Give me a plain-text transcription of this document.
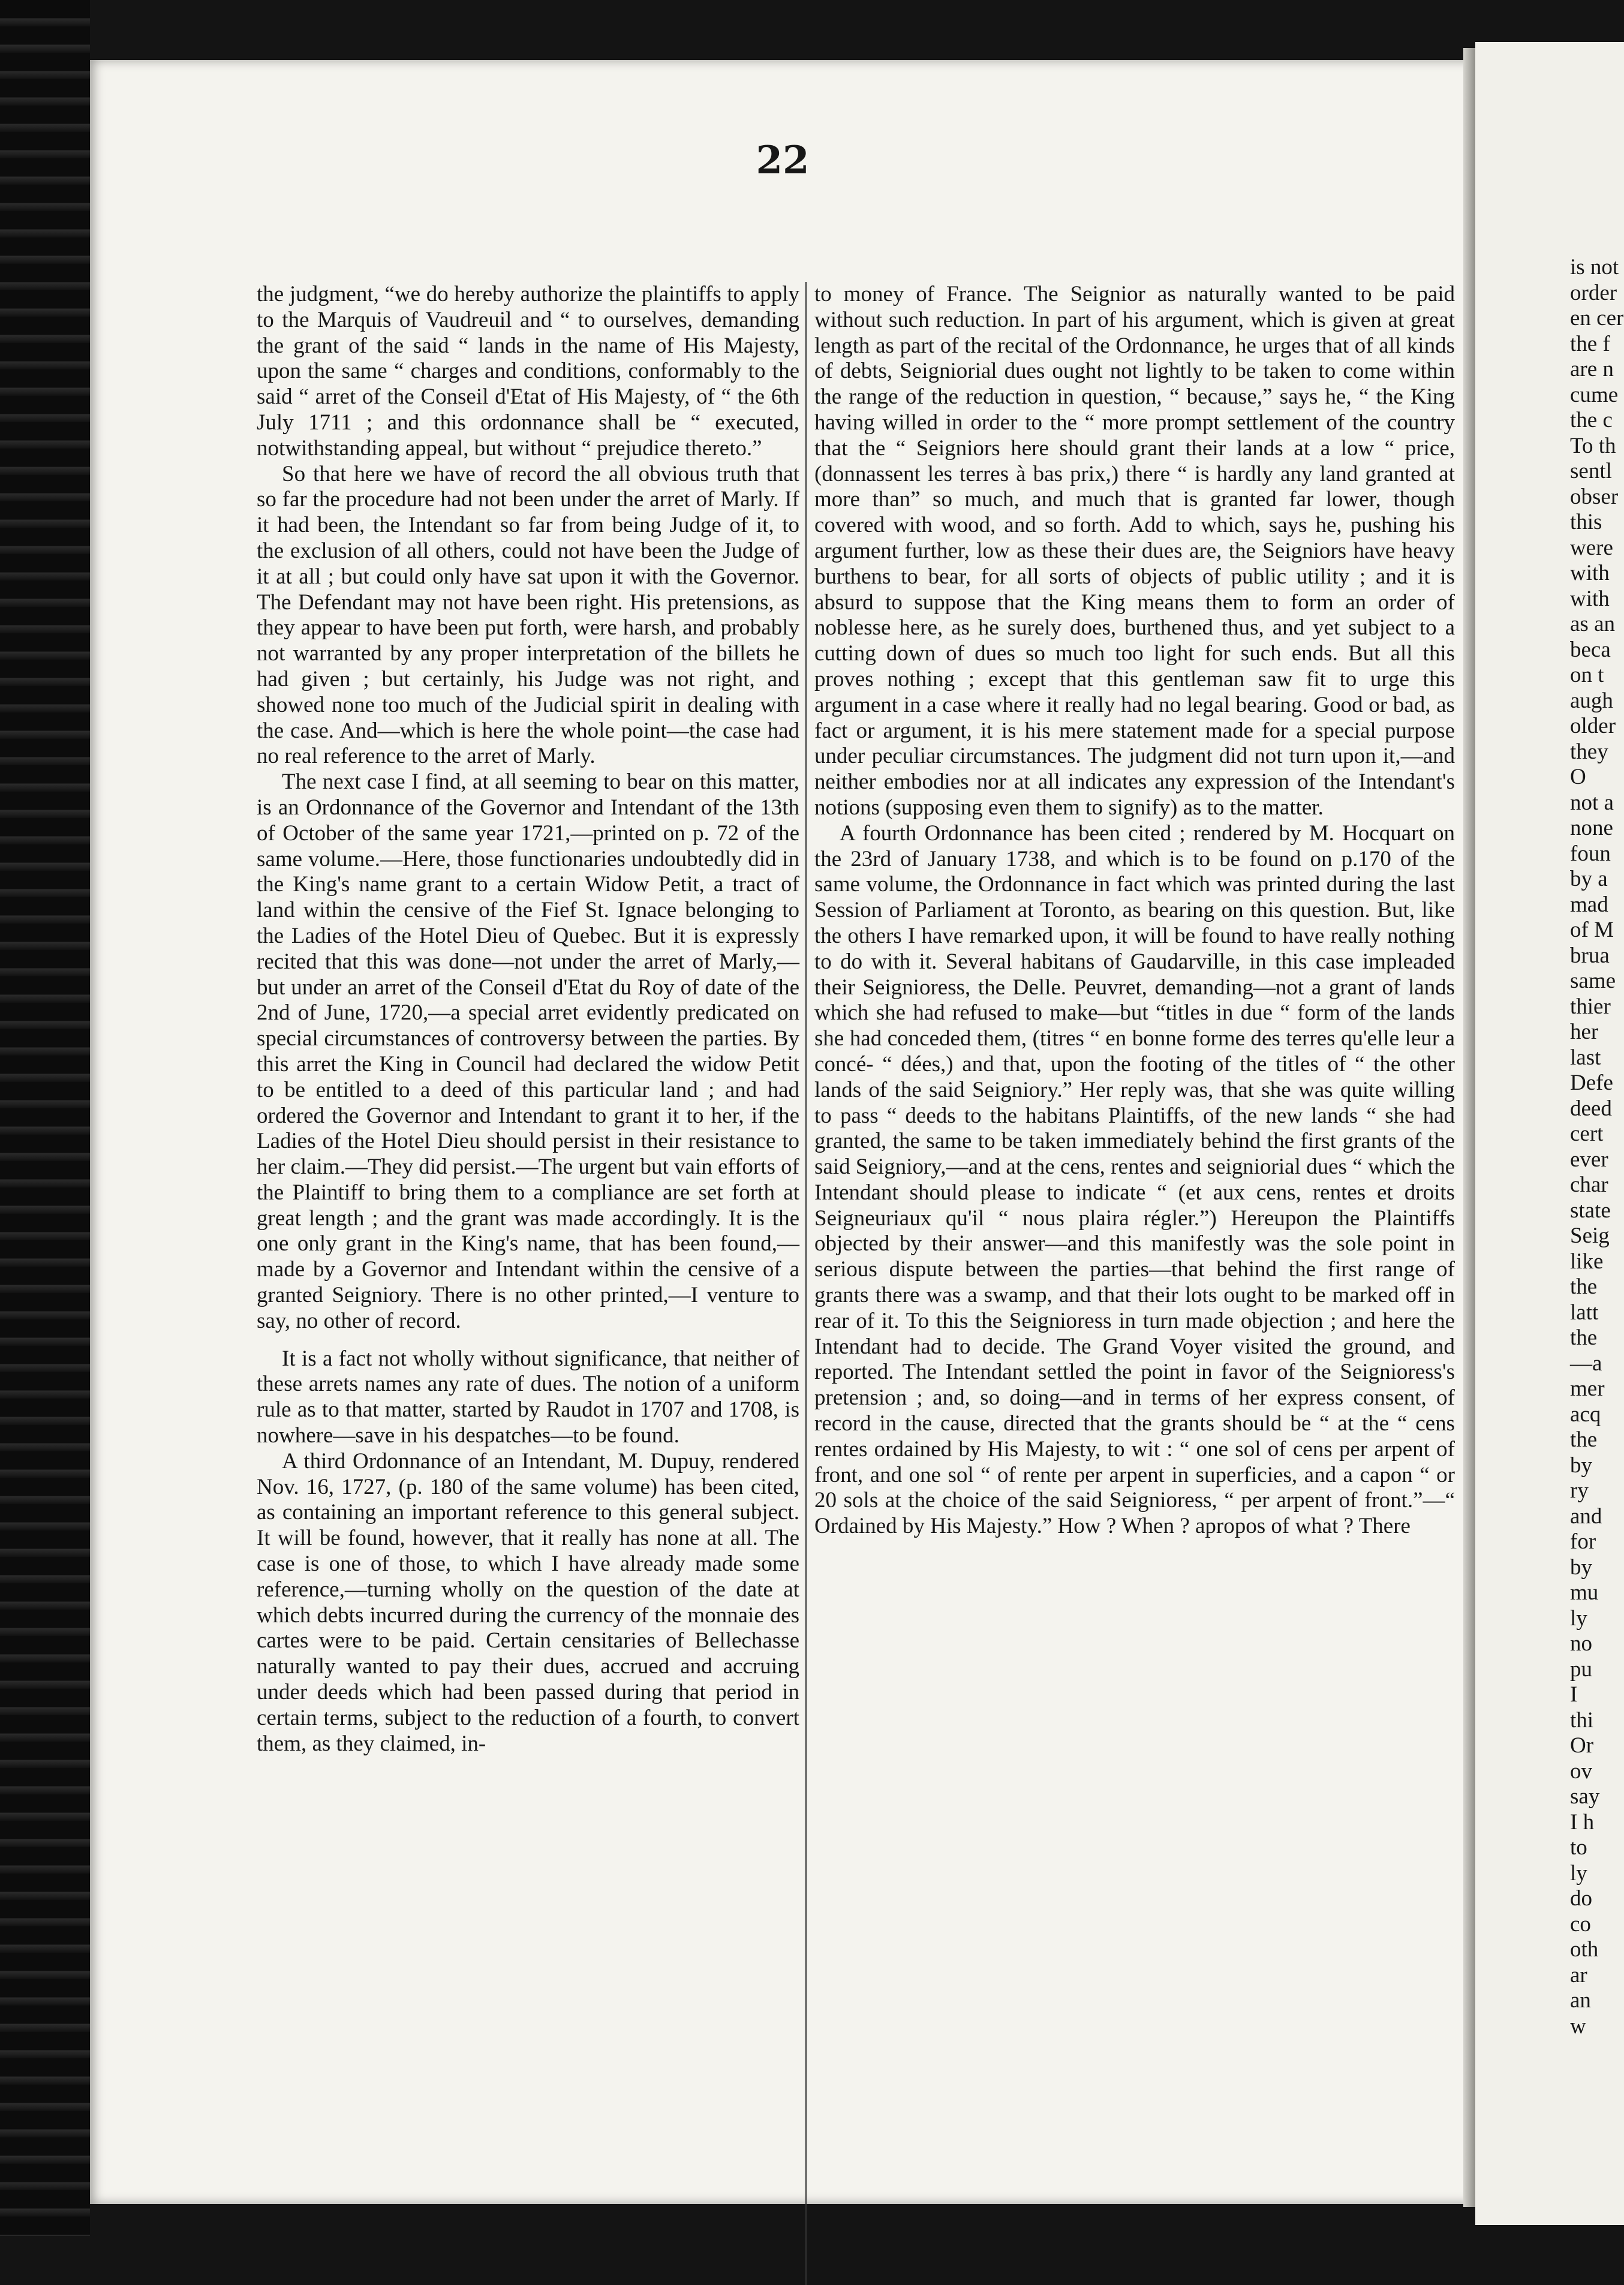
22

the judgment, “we do hereby authorize the plaintiffs to apply to the Marquis of Vaudreuil and “ to ourselves, demanding the grant of the said “ lands in the name of His Majesty, upon the same “ charges and conditions, conformably to the said “ arret of the Conseil d'Etat of His Majesty, of “ the 6th July 1711 ; and this ordonnance shall be “ executed, notwithstanding appeal, but without “ prejudice thereto.”

So that here we have of record the all obvious truth that so far the procedure had not been under the arret of Marly. If it had been, the Intendant so far from being Judge of it, to the exclusion of all others, could not have been the Judge of it at all ; but could only have sat upon it with the Governor. The Defendant may not have been right. His pretensions, as they appear to have been put forth, were harsh, and probably not warranted by any proper interpretation of the billets he had given ; but certainly, his Judge was not right, and showed none too much of the Judicial spirit in dealing with the case. And—which is here the whole point—the case had no real reference to the arret of Marly.

The next case I find, at all seeming to bear on this matter, is an Ordonnance of the Governor and Intendant of the 13th of October of the same year 1721,—printed on p. 72 of the same volume.—Here, those functionaries undoubtedly did in the King's name grant to a certain Widow Petit, a tract of land within the censive of the Fief St. Ignace belonging to the Ladies of the Hotel Dieu of Quebec. But it is expressly recited that this was done—not under the arret of Marly,—but under an arret of the Conseil d'Etat du Roy of date of the 2nd of June, 1720,—a special arret evidently predicated on special circumstances of controversy between the parties. By this arret the King in Council had declared the widow Petit to be entitled to a deed of this particular land ; and had ordered the Governor and Intendant to grant it to her, if the Ladies of the Hotel Dieu should persist in their resistance to her claim.—They did persist.—The urgent but vain efforts of the Plaintiff to bring them to a compliance are set forth at great length ; and the grant was made accordingly. It is the one only grant in the King's name, that has been found,—made by a Governor and Intendant within the censive of a granted Seigniory. There is no other printed,—I venture to say, no other of record.

It is a fact not wholly without significance, that neither of these arrets names any rate of dues. The notion of a uniform rule as to that matter, started by Raudot in 1707 and 1708, is nowhere—save in his despatches—to be found.

A third Ordonnance of an Intendant, M. Dupuy, rendered Nov. 16, 1727, (p. 180 of the same volume) has been cited, as containing an important reference to this general subject. It will be found, however, that it really has none at all. The case is one of those, to which I have already made some reference,—turning wholly on the question of the date at which debts incurred during the currency of the monnaie des cartes were to be paid. Certain censitaries of Bellechasse naturally wanted to pay their dues, accrued and accruing under deeds which had been passed during that period in certain terms, subject to the reduction of a fourth, to convert them, as they claimed, in-

to money of France. The Seignior as naturally wanted to be paid without such reduction. In part of his argument, which is given at great length as part of the recital of the Ordonnance, he urges that of all kinds of debts, Seigniorial dues ought not lightly to be taken to come within the range of the reduction in question, “ because,” says he, “ the King having willed in order to the “ more prompt settlement of the country that the “ Seigniors here should grant their lands at a low “ price, (donnassent les terres à bas prix,) there “ is hardly any land granted at more than” so much, and much that is granted far lower, though covered with wood, and so forth. Add to which, says he, pushing his argument further, low as these their dues are, the Seigniors have heavy burthens to bear, for all sorts of objects of public utility ; and it is absurd to suppose that the King means them to form an order of noblesse here, as he surely does, burthened thus, and yet subject to a cutting down of dues so much too light for such ends. But all this proves nothing ; except that this gentleman saw fit to urge this argument in a case where it really had no legal bearing. Good or bad, as fact or argument, it is his mere statement made for a special purpose under peculiar circumstances. The judgment did not turn upon it,—and neither embodies nor at all indicates any expression of the Intendant's notions (supposing even them to signify) as to the matter.

A fourth Ordonnance has been cited ; rendered by M. Hocquart on the 23rd of January 1738, and which is to be found on p.170 of the same volume, the Ordonnance in fact which was printed during the last Session of Parliament at Toronto, as bearing on this question. But, like the others I have remarked upon, it will be found to have really nothing to do with it. Several habitans of Gaudarville, in this case impleaded their Seignioress, the Delle. Peuvret, demanding—not a grant of lands which she had refused to make—but “titles in due “ form of the lands she had conceded them, (titres “ en bonne forme des terres qu'elle leur a concé- “ dées,) and that, upon the footing of the titles of “ the other lands of the said Seigniory.” Her reply was, that she was quite willing to pass “ deeds to the habitans Plaintiffs, of the new lands “ she had granted, the same to be taken immediately behind the first grants of the said Seigniory,—and at the cens, rentes and seigniorial dues “ which the Intendant should please to indicate “ (et aux cens, rentes et droits Seigneuriaux qu'il “ nous plaira régler.”) Hereupon the Plaintiffs objected by their answer—and this manifestly was the sole point in serious dispute between the parties—that behind the first range of grants there was a swamp, and that their lots ought to be marked off in rear of it. To this the Seignioress in turn made objection ; and here the Intendant had to decide. The Grand Voyer visited the ground, and reported. The Intendant settled the point in favor of the Seignioress's pretension ; and, so doing—and in terms of her express consent, of record in the cause, directed that the grants should be “ at the “ cens rentes ordained by His Majesty, to wit : “ one sol of cens per arpent of front, and one sol “ of rente per arpent in superficies, and a capon “ or 20 sols at the choice of the said Seignioress, “ per arpent of front.”—“ Ordained by His Majesty.” How ? When ? apropos of what ? There

is not
order
en cer
the f
are n
cume
the c
To th
sentl
obser
this
were
with
with
as an
beca
on t
augh
older
they
O
not a
none
foun
by a
mad
of M
brua
same
thier
her
last
Defe
deed
cert
ever
char
state
Seig
like
the
latt
the
—a
mer
acq
the
by
ry
and
for
by
mu
ly
no
pu
I
thi
Or
ov
say
I h
to
ly
do
co
oth
ar
an
w
